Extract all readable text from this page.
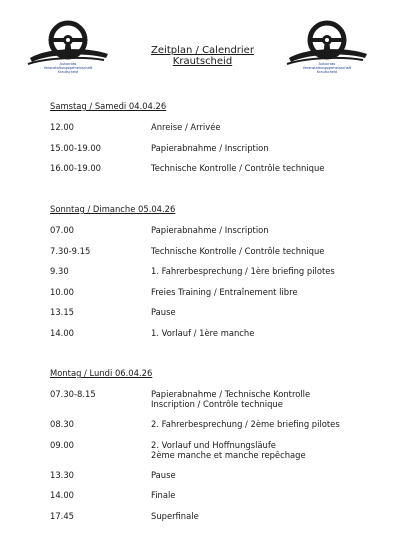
Autocross
Veranstaltungsgemeinschaft
Krautscheid
Zeitplan / Calendrier
Krautscheid	Autocross
Veranstaltungsgemeinschaft
Krautscheid
Samstag / Samedi 04.04.26
12.00	Anreise / Arrivée
15.00-19.00	Papierabnahme / Inscription
16.00-19.00	Technische Kontrolle / Contrôle technique
Sonntag / Dimanche 05.04.26
07.00	Papierabnahme / Inscription
7.30-9.15	Technische Kontrolle / Contrôle technique
9.30	1. Fahrerbesprechung / 1ère briefing pilotes
10.00	Freies Training / Entraînement libre
13.15	Pause
14.00	1. Vorlauf / 1ère manche
Montag / Lundi 06.04.26
07.30-8.15	Papierabnahme / Technische Kontrolle
Inscription / Contrôle technique
08.30	2. Fahrerbesprechung / 2ème briefing pilotes
09.00	2. Vorlauf und Hoffnungsläufe
2ème manche et manche repêchage
13.30	Pause
14.00	Finale
17.45	Superfinale
